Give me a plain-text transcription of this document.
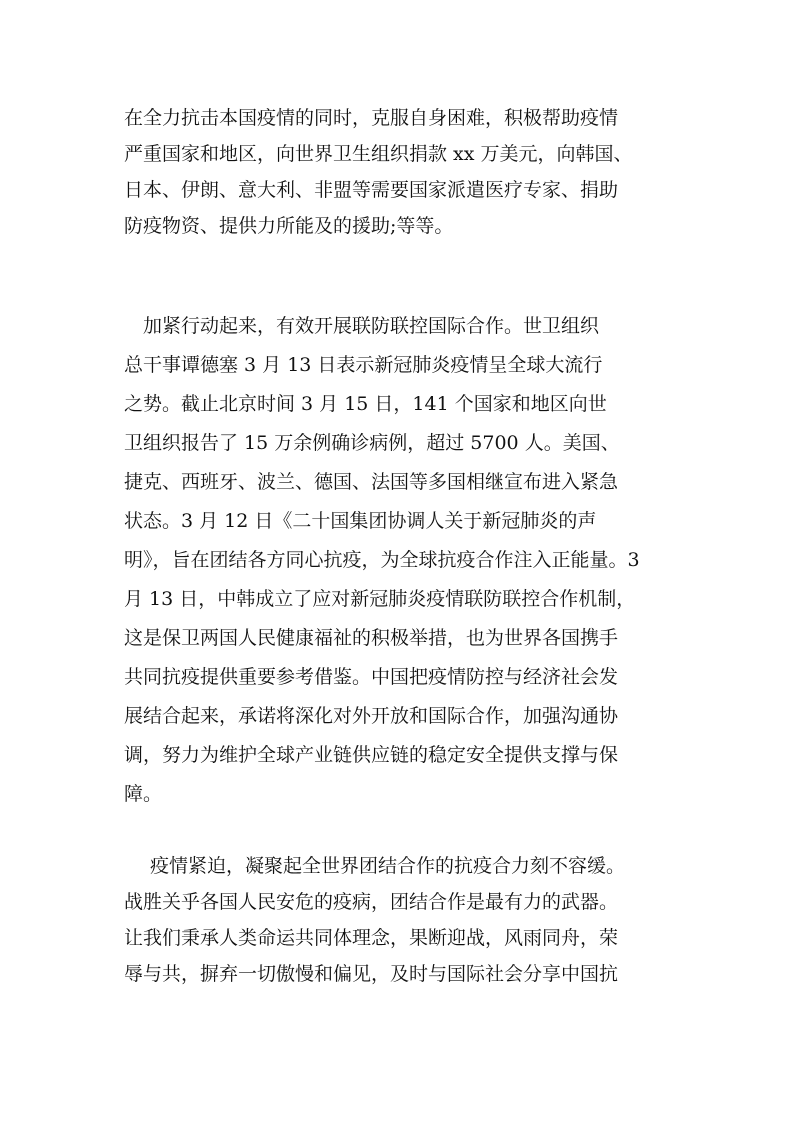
在全力抗击本国疫情的同时，克服自身困难，积极帮助疫情
严重国家和地区，向世界卫生组织捐款 xx 万美元，向韩国、
日本、伊朗、意大利、非盟等需要国家派遣医疗专家、捐助
防疫物资、提供力所能及的援助;等等。
　加紧行动起来，有效开展联防联控国际合作。世卫组织
总干事谭德塞 3 月 13 日表示新冠肺炎疫情呈全球大流行
之势。截止北京时间 3 月 15 日，141 个国家和地区向世
卫组织报告了 15 万余例确诊病例，超过 5700 人。美国、
捷克、西班牙、波兰、德国、法国等多国相继宣布进入紧急
状态。3 月 12 日《二十国集团协调人关于新冠肺炎的声
明》，旨在团结各方同心抗疫，为全球抗疫合作注入正能量。3
月 13 日，中韩成立了应对新冠肺炎疫情联防联控合作机制，
这是保卫两国人民健康福祉的积极举措，也为世界各国携手
共同抗疫提供重要参考借鉴。中国把疫情防控与经济社会发
展结合起来，承诺将深化对外开放和国际合作，加强沟通协
调，努力为维护全球产业链供应链的稳定安全提供支撑与保
障。
疫情紧迫，凝聚起全世界团结合作的抗疫合力刻不容缓。
战胜关乎各国人民安危的疫病，团结合作是最有力的武器。
让我们秉承人类命运共同体理念，果断迎战，风雨同舟，荣
辱与共，摒弃一切傲慢和偏见，及时与国际社会分享中国抗
